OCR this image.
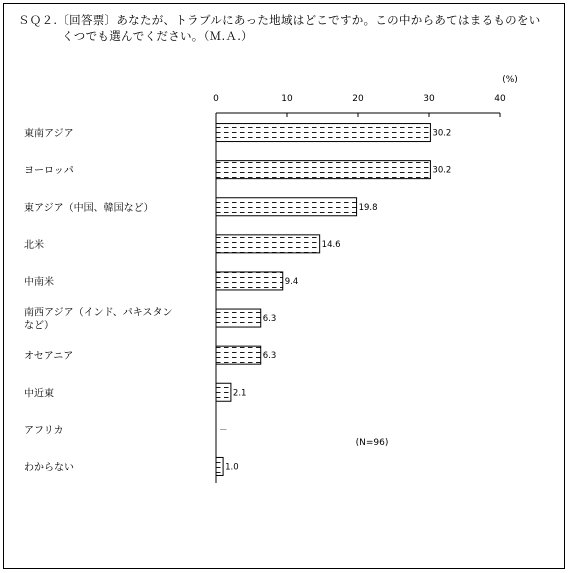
ＳＱ２.〔回答票〕あなたが、トラブルにあった地域はどこですか。この中からあてはまるものをい
くつでも選んでください。（Ｍ.Ａ.）
0	10	20	30	40
東南アジア
ヨーロッパ
東アジア（中国、韓国など）
北米
中南米
南西アジア（インド、パキスタン
など）
オセアニア
中近東
アフリカ
わからない
30.2
30.2
19.8
14.6
9.4
6.3
6.3
2.1
－
1.0
(%)
(N=96)
